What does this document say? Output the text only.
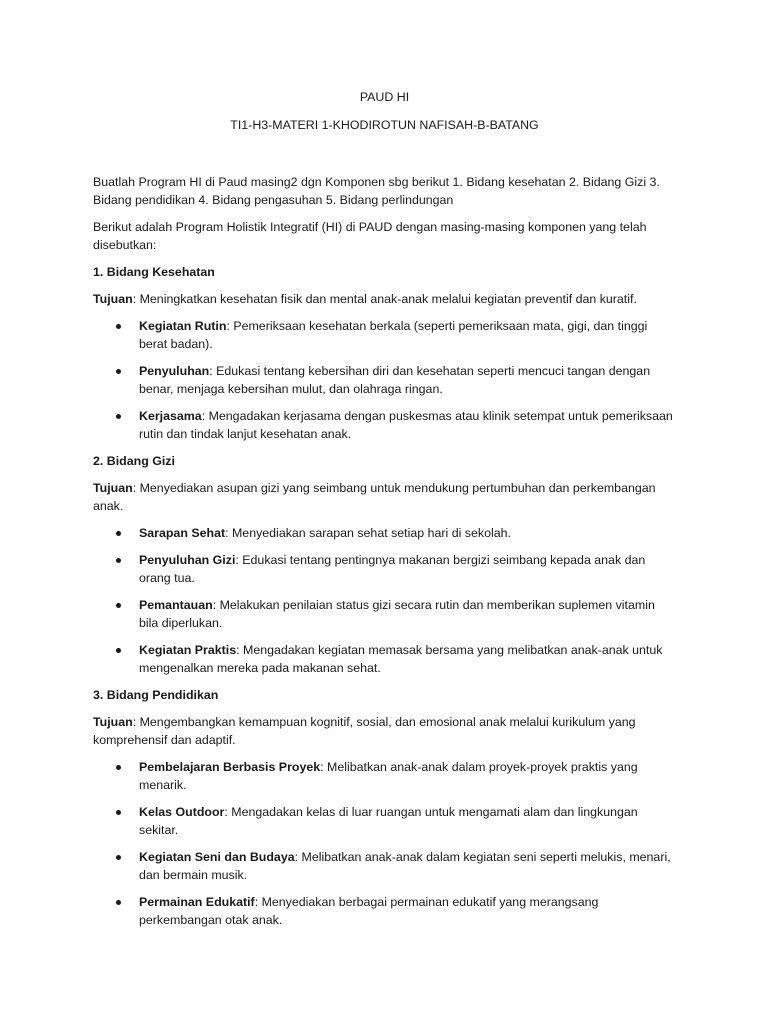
PAUD HI

TI1-H3-MATERI 1-KHODIROTUN NAFISAH-B-BATANG

Buatlah Program HI di Paud masing2 dgn Komponen sbg berikut 1. Bidang kesehatan 2. Bidang Gizi 3. Bidang pendidikan 4. Bidang pengasuhan 5. Bidang perlindungan

Berikut adalah Program Holistik Integratif (HI) di PAUD dengan masing-masing komponen yang telah disebutkan:

1. Bidang Kesehatan

Tujuan: Meningkatkan kesehatan fisik dan mental anak-anak melalui kegiatan preventif dan kuratif.

Kegiatan Rutin: Pemeriksaan kesehatan berkala (seperti pemeriksaan mata, gigi, dan tinggi berat badan).
Penyuluhan: Edukasi tentang kebersihan diri dan kesehatan seperti mencuci tangan dengan benar, menjaga kebersihan mulut, dan olahraga ringan.
Kerjasama: Mengadakan kerjasama dengan puskesmas atau klinik setempat untuk pemeriksaan rutin dan tindak lanjut kesehatan anak.

2. Bidang Gizi

Tujuan: Menyediakan asupan gizi yang seimbang untuk mendukung pertumbuhan dan perkembangan anak.

Sarapan Sehat: Menyediakan sarapan sehat setiap hari di sekolah.
Penyuluhan Gizi: Edukasi tentang pentingnya makanan bergizi seimbang kepada anak dan orang tua.
Pemantauan: Melakukan penilaian status gizi secara rutin dan memberikan suplemen vitamin bila diperlukan.
Kegiatan Praktis: Mengadakan kegiatan memasak bersama yang melibatkan anak-anak untuk mengenalkan mereka pada makanan sehat.

3. Bidang Pendidikan

Tujuan: Mengembangkan kemampuan kognitif, sosial, dan emosional anak melalui kurikulum yang komprehensif dan adaptif.

Pembelajaran Berbasis Proyek: Melibatkan anak-anak dalam proyek-proyek praktis yang menarik.
Kelas Outdoor: Mengadakan kelas di luar ruangan untuk mengamati alam dan lingkungan sekitar.
Kegiatan Seni dan Budaya: Melibatkan anak-anak dalam kegiatan seni seperti melukis, menari, dan bermain musik.
Permainan Edukatif: Menyediakan berbagai permainan edukatif yang merangsang perkembangan otak anak.
